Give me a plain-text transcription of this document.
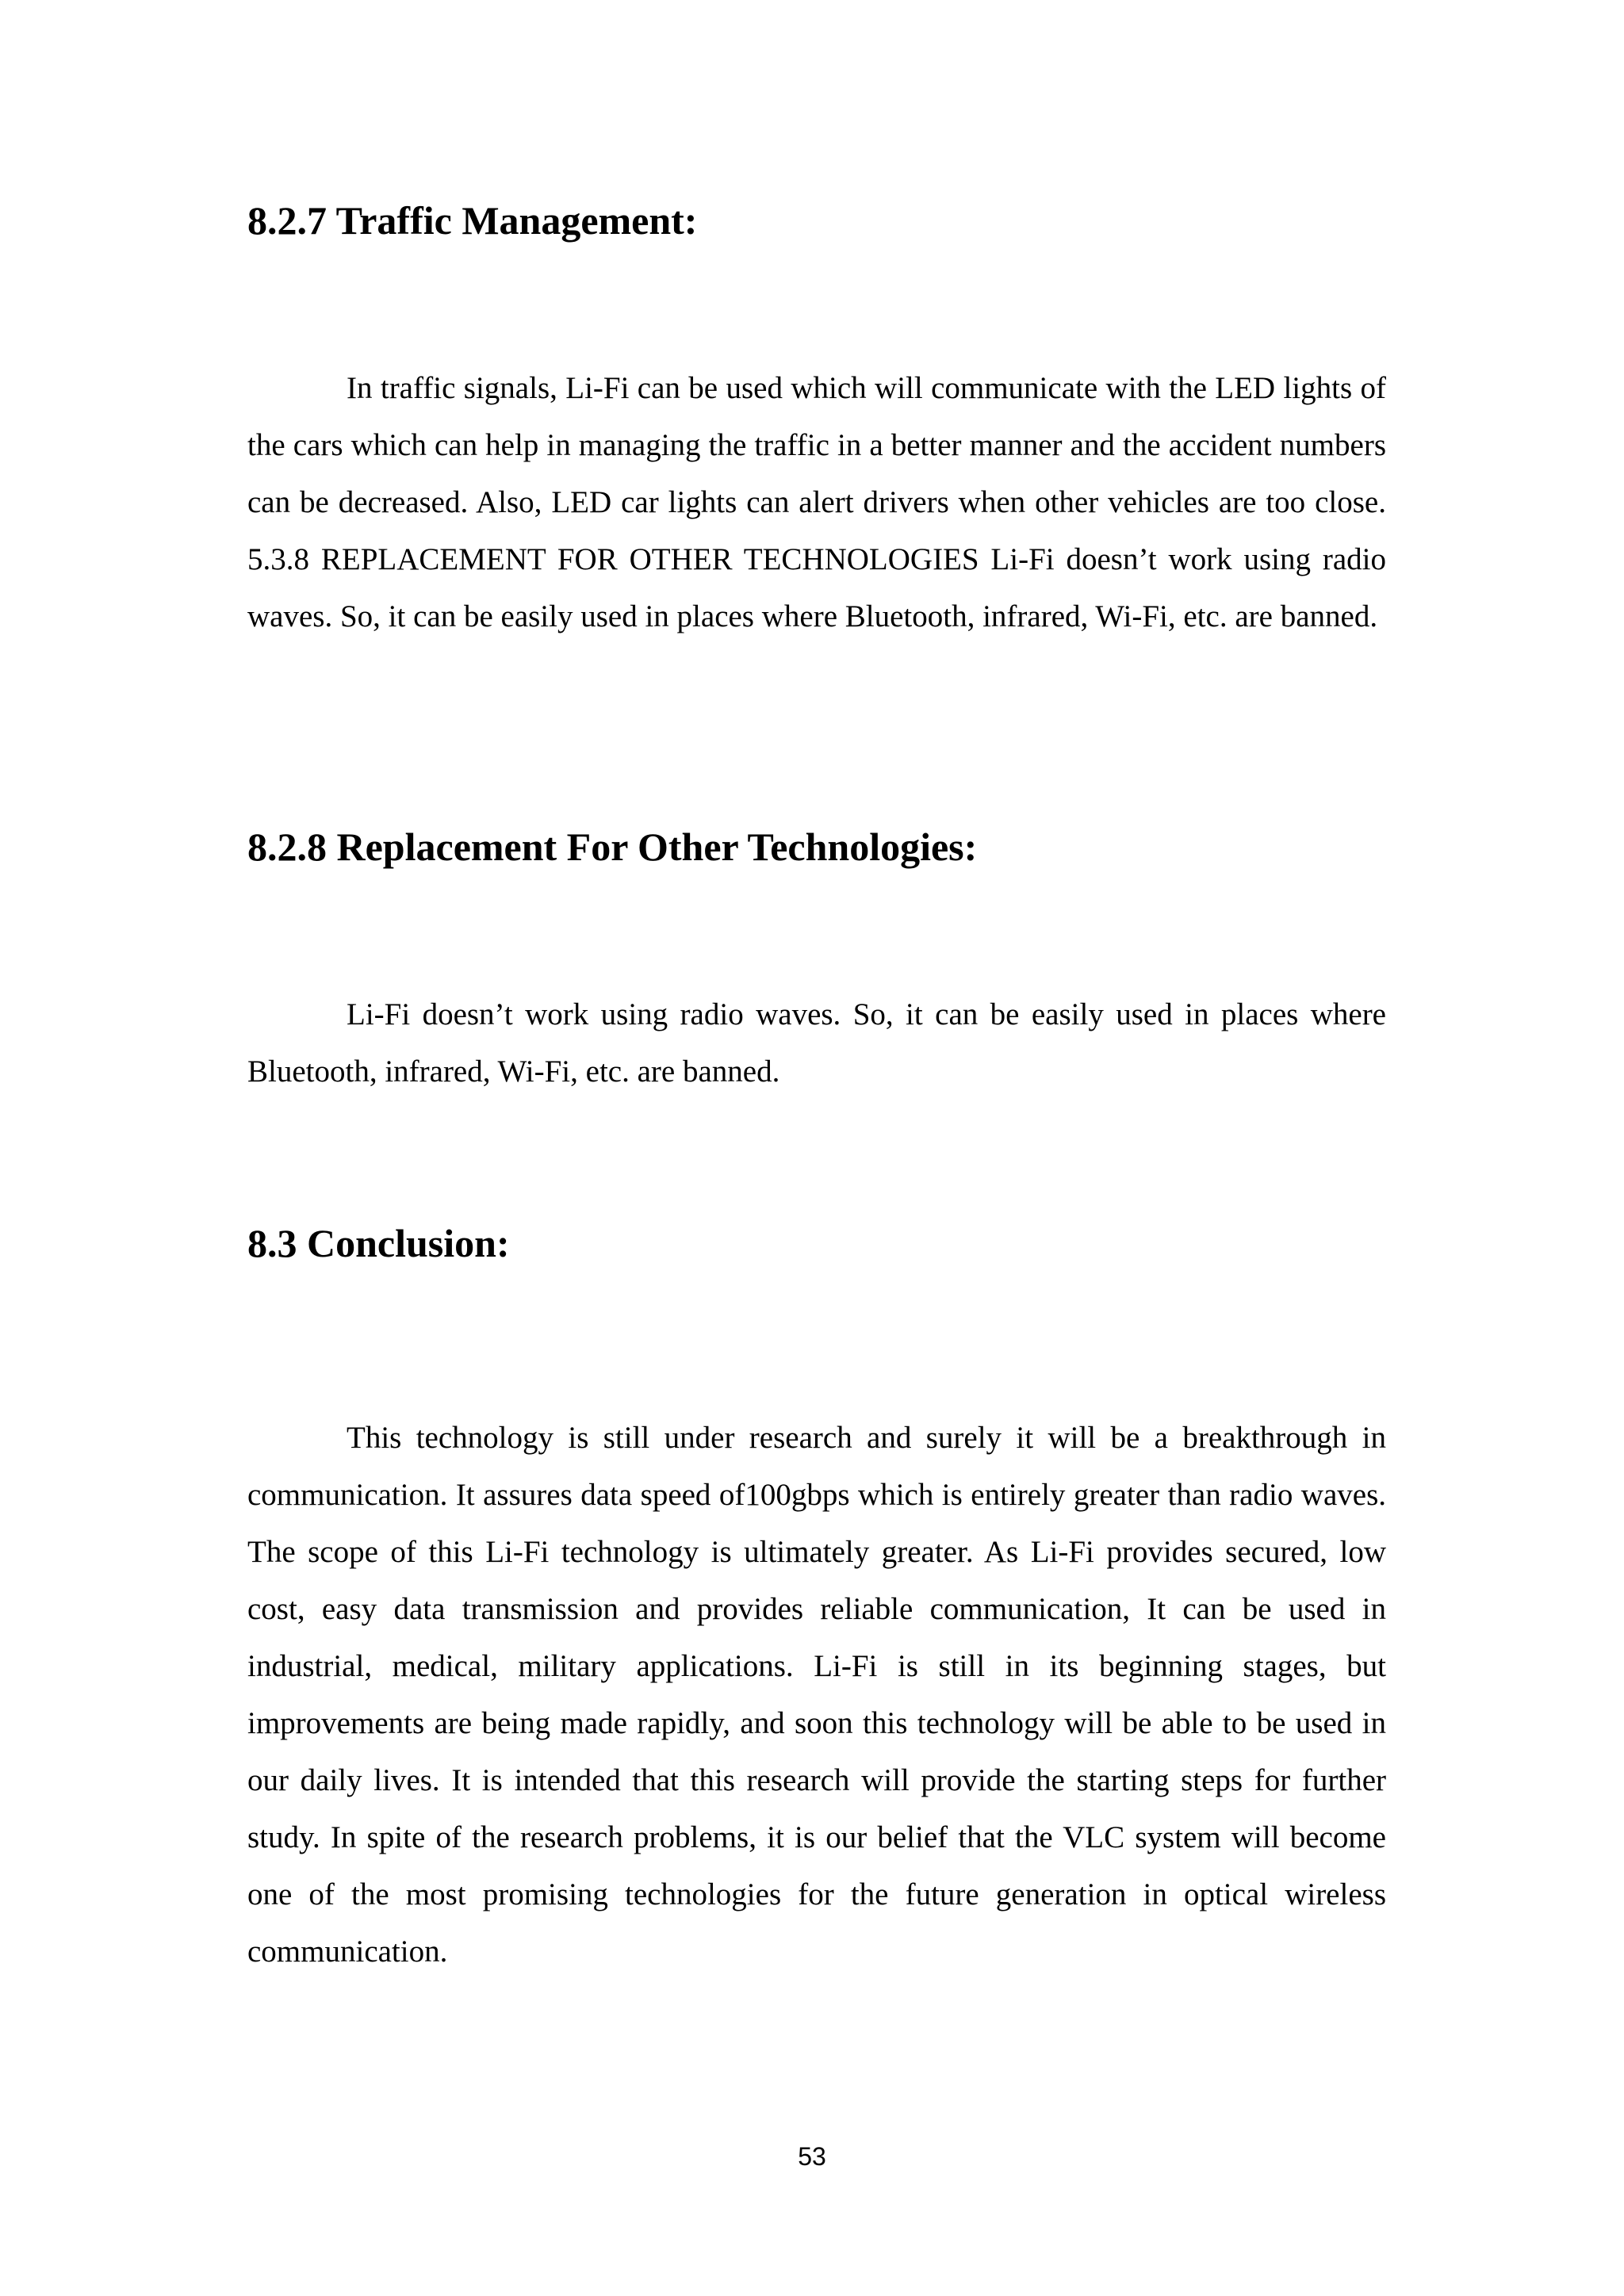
8.2.7 Traffic Management:

In traffic signals, Li-Fi can be used which will communicate with the LED lights of the cars which can help in managing the traffic in a better manner and the accident numbers can be decreased. Also, LED car lights can alert drivers when other vehicles are too close. 5.3.8 REPLACEMENT FOR OTHER TECHNOLOGIES Li-Fi doesn’t work using radio waves. So, it can be easily used in places where Bluetooth, infrared, Wi-Fi, etc. are banned.

8.2.8 Replacement For Other Technologies:

Li-Fi doesn’t work using radio waves. So, it can be easily used in places where Bluetooth, infrared, Wi-Fi, etc. are banned.

8.3 Conclusion:

This technology is still under research and surely it will be a breakthrough in communication. It assures data speed of100gbps which is entirely greater than radio waves. The scope of this Li-Fi technology is ultimately greater. As Li-Fi provides secured, low cost, easy data transmission and provides reliable communication, It can be used in industrial, medical, military applications. Li-Fi is still in its beginning stages, but improvements are being made rapidly, and soon this technology will be able to be used in our daily lives. It is intended that this research will provide the starting steps for further study. In spite of the research problems, it is our belief that the VLC system will become one of the most promising technologies for the future generation in optical wireless communication.

53
